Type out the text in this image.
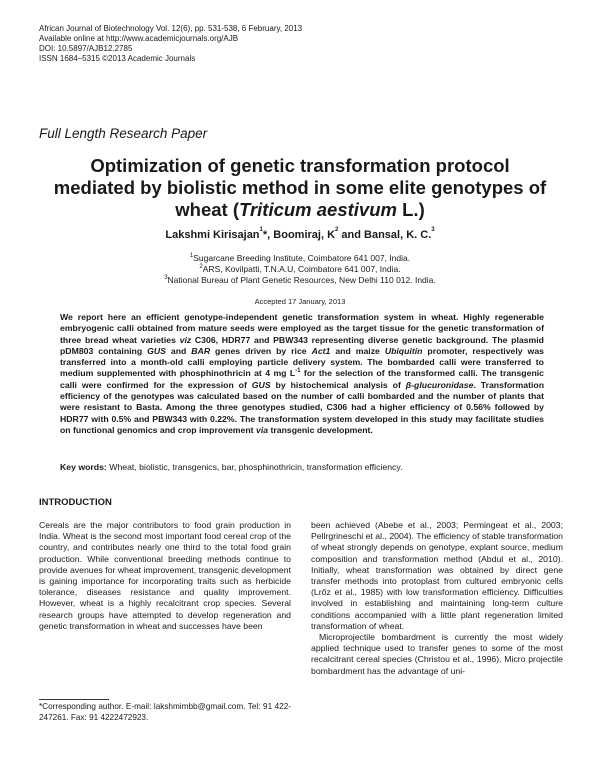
African Journal of Biotechnology Vol. 12(6), pp. 531-538, 6 February, 2013
Available online at http://www.academicjournals.org/AJB
DOI: 10.5897/AJB12.2785
ISSN 1684–5315 ©2013 Academic Journals
Full Length Research Paper
Optimization of genetic transformation protocol
mediated by biolistic method in some elite genotypes of
wheat (Triticum aestivum L.)
Lakshmi Kirisajan$^1$*, Boomiraj, $K^2$ and Bansal, K. C.$^3$
$^1$Sugarcane Breeding Institute, Coimbatore 641 007, India.
$^2$ARS, Kovilpatti, T.N.A.U, Coimbatore 641 007, India.
$^3$National Bureau of Plant Genetic Resources, New Delhi 110 012. India.
Accepted 17 January, 2013
We report here an efficient genotype-independent genetic transformation system in wheat. Highly regenerable embryogenic calli obtained from mature seeds were employed as the target tissue for the genetic transformation of three bread wheat varieties viz C306, HDR77 and PBW343 representing diverse genetic background. The plasmid pDM803 containing GUS and BAR genes driven by rice Act1 and maize Ubiquitin promoter, respectively was transferred into a month-old calli employing particle delivery system. The bombarded calli were transferred to medium supplemented with phosphinothricin at 4 mg $L^{-1}$ for the selection of the transformed calli. The transgenic calli were confirmed for the expression of GUS by histochemical analysis of β-glucuronidase. Transformation efficiency of the genotypes was calculated based on the number of calli bombarded and the number of plants that were resistant to Basta. Among the three genotypes studied, C306 had a higher efficiency of 0.56% followed by HDR77 with 0.5% and PBW343 with 0.22%. The transformation system developed in this study may facilitate studies on functional genomics and crop improvement via transgenic development.
Key words: Wheat, biolistic, transgenics, bar, phosphinothricin, transformation efficiency.
INTRODUCTION

Cereals are the major contributors to food grain production in India. Wheat is the second most important food cereal crop of the country, and contributes nearly one third to the total food grain production. While conventional breeding methods continue to provide avenues for wheat improvement, transgenic development is gaining importance for incorporating traits such as herbicide tolerance, diseases resistance and quality improvement. However, wheat is a highly recalcitrant crop species. Several research groups have attempted to develop regeneration and genetic transformation in wheat and successes have been

been achieved (Abebe et al., 2003; Permingeat et al., 2003; Pellrgrineschi et al., 2004). The efficiency of stable transformation of wheat strongly depends on genotype, explant source, medium composition and transformation method (Abdul et al., 2010). Initially, wheat transformation was obtained by direct gene transfer methods into protoplast from cultured embryonic cells (Lrőz et al., 1985) with low transformation efficiency. Difficulties involved in establishing and maintaining long-term culture conditions accompanied with a little plant regeneration limited transformation of wheat.

Microprojectile bombardment is currently the most widely applied technique used to transfer genes to some of the most recalcitrant cereal species (Christou et al., 1996). Micro projectile bombardment has the advantage of uni-

*Corresponding author. E-mail: lakshmimbb@gmail.com. Tel: 91 422-247261. Fax: 91 4222472923.
